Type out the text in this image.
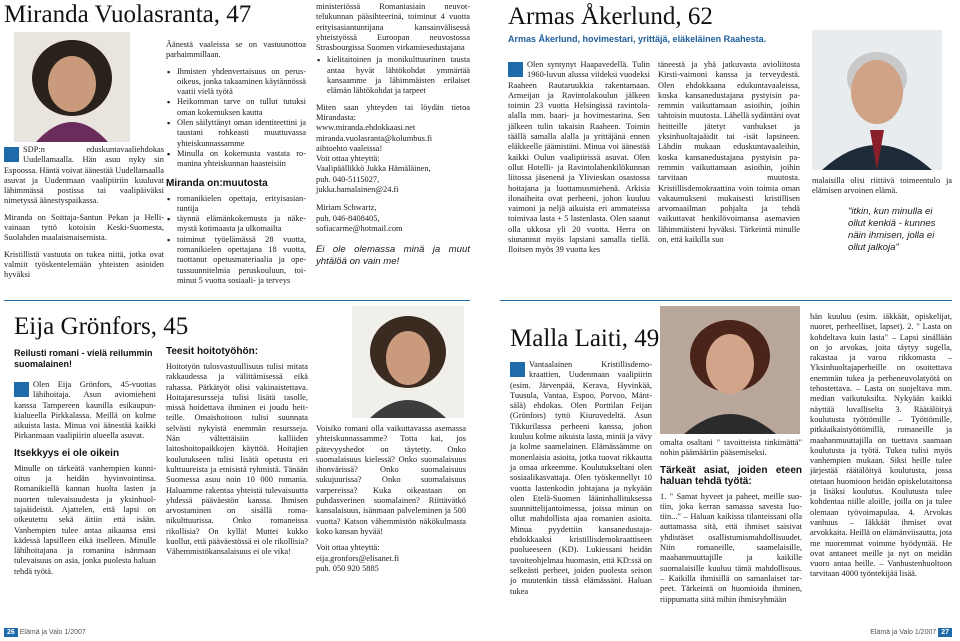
Miranda Vuolasranta, 47

SDP:n eduskuntavaaliehdokas Uudellamaalla. Hän asuu nyky sin Espoossa. Häntä voivat äänestää Uudellamaalla asuvat ja Uudenmaan vaalipiiriin kuuluvat lähimmässä postissa tai vaalipäiväksi nimetyssä äänestyspaikassa.

Miranda on Soittaja-Santun Pekan ja Helli-vainaan tyttö kotoisin Keski-Suomesta, Suolahden maalaismaisemista.

Kristillistä vastuuta on tukea niitä, jotka ovat valmiit työskentelemään yhteisten asioiden hyväksi

Äänestä vaaleissa se on vastuunottoa parhaimmillaan.

▪ Ihmisten yhdenvertaisuus on perusoikeus, jonka takaaminen käytännössä vaatii vielä työtä
▪ Heikomman tarve on tullut tutuksi oman kokemuksen kautta
▪ Olen säilyttänyt oman identiteettini ja taustani rohkeasti muuttuvassa yhteiskunnassamme
▪ Minulla on kokemusta vastata romanina yhteiskunnan haasteisiin
Miranda on:muutosta
▪ romanikielen opettaja, erityisasiantuntija
▪ täynnä elämänkokemusta ja näkemystä kotimaasta ja ulkomailta
▪ toiminut työelämässä 28 vuotta, romanikielen opettajana 18 vuotta, tuottanut opetusmateriaalia ja opetussuunnitelmia peruskouluun, toiminut 5 vuotta sosiaali- ja terveys

ministeriössä Romaniasiain neuvottelukunnan pääsihteerinä, toiminut 4 vuotta erityisasiantuntijana kansainvälisessä yhteistyössä Euroopan neuvostossa Strasbourgissa Suomen virkamiesedustajana

▪ kielitaitoinen ja monikulttuurinen tausta antaa hyvät lähtökohdat ymmärtää kansaamme ja lähimmäisten erilaiset elämän lähtökohdat ja tarpeet
Miten saan yhteyden tai löydän tietoa Mirandasta:
www.miranda.ehdokkaasi.net
miranda.vuolasranta@kolumbus.fi
aihtoehto vaaleissa!
Voit ottaa yhteyttä:
Vaalipäällikkö Jukka Hämäläinen,
puh. 040-5115027,
jukka.hamalainen@24.fi
Miriam Schwartz,
puh. 046-8408405,
sofiacarme@hotmail.com
Ei ole olemassa minä ja muut yhtälöä on vain me!
Armas Åkerlund, 62
Armas Åkerlund, hovimestari, yrittäjä, eläkeläinen Raahesta.

Olen syntynyt Haapavedellä. Tulin 1960-luvun alussa viideksi vuodeksi Raaheen Rautaruukkia rakentamaan. Armeijan ja Ravintolakoulun jälkeen toimin 23 vuotta Helsingissä ravintola-alalla mm. baari- ja hovimestarina. Sen jälkeen tulin takaisin Raaheen. Toimin täällä samalla alalla ja yrittäjänä ennen eläkkeelle jäämistäni. Minua voi äänestää kaikki Oulun vaalipiirissä asuvat. Olen ollut Hotelli- ja Ravintolahenkilökunnan liitossa jäsenenä ja Ylivieskan osastossa hoitajana ja luottamusmiehenä. Arkisia ilonaiheita ovat perheeni, johon kuuluu vaimoni ja neljä aikuista eri ammateissa toimivaa lasta + 5 lastenlasta. Olen saanut olla ukkosa yli 20 vuotta. Herra on siunannut myös lapsiani samalla tiellä. Iloitsen myös 39 vuotta kes

täneestä ja yhä jatkuvasta avioliitosta Kirsti-vaimoni kanssa ja terveydestä. Olen ehdokkaana edukuntavaaleissa, koska kansanedustajana pystyisin paremmin vaikuttamaan asioihin, joihin tahtoisin muutosta. Lähellä sydäntäni ovat heitteille jätetyt vanhukset ja yksinhuoltajaäidit tai -isät lapsineen. Lähdin mukaan eduskuntavaaleihin, koska kansanedustajana pystyisin paremmin vaikuttamaan asioihin, joihin tarvitaan muutosta. Kristillisdemokraattina voin toimia oman vakaumukseni mukaisesti kristillisen arvomaailman pohjalta ja tehdä vaikuttavat henkilövoimansa asemavien lähimmäisteni hyväksi. Tärkeintä minulle on, että kaikilla suo

malaisilla olisi riittävä toimeentulo ja elämisen arvoinen elämä.

"itkin, kun minulla ei ollut kenkiä - kunnes näin ihmisen, jolla ei ollut jalkoja"
Eija Grönfors, 45
Reilusti romani - vielä reilummin suomalainen!

Olen Eija Grönfors, 45-vuotias lähihoitaja. Asun aviomieheni kanssa Tampereen kaunilla esikaupunkialueella Pirkkalassa. Meillä on kolme aikuista lasta. Minua voi äänestää kaikki Pirkanmaan vaalipiirin alueella asuvat.

Itsekkyys ei ole oikein

Minulle on tärkeätä vanhempien kunnioitus ja heidän hyvinvointinsa. Romanikiellä kannan huolta lasten ja nuorten tulevaisuudesta ja yksinhuoltajaäideistä. Ajattelen, että lapsi on oikeutettu sekä äitiin että isään. Vanhempien tulee antaa aikaansa ensi kädessä lapsilleen eikä itselleen. Minulle lähihoitajana ja romanina isänmaan tulevaisuus on asia, jonka puolesta haluan tehdä työtä.

Teesit hoitotyöhön:

Hoitotyön tulosvastuullisuus tulisi mitata rakkaudessa ja välittämisessä eikä rahassa. Pätkätyöt olisi vakinaistettava. Hoitajaresursseja tulisi lisätä tasolle, missä hoidettava ihminen ei joudu heitteille. Omaishoitoon tulisi suunnata selvästi nykyistä enemmän resursseja. Nän vältettäisiin kalliiden laitoshoitopaikkojen käyttöä. Hoitajien koulutukseen tulisi lisätä opetusta eri kulttuureista ja etnisistä ryhmistä. Tänään Suomessa asuu noin 10 000 romania. Haluamme rakentaa yhteistä tulevaisuutta yhdessä pääväestön kanssa. Ihmisen arvostaminen on sisällä romanikulttuurissa. Onko romaneissa rikollisia? On kyllä! Muttei kukko kuollut, että pääväestössä ei ole rikollisia? Vähemmistökansalaisuus ei ole vika!

Voisiko romani olla vaikuttavassa asemassa yhteiskunnassamme? Totta kai, jos pätevyyshedot on täytetty. Onko suomalaisuus kielessä? Onko suomalaisuus ihonvärissä? Onko suomalaisuus sukujuurissa? Onko suomalaisuus varpereissa? Kuka oikeastaan on puhdasverinen suomalainen? Riittävätkö kansalaisuus, isänmaan palveleminen ja 500 vuotta? Katson vähemmistön näkökulmasta koko kansan hyvää!

Voit ottaa yhteyttä:
eija.gronfors@elisanet.fi
puh. 050 920 5885
Malla Laiti, 49

Vantaalainen Kristillisdemokraattien, Uudenmaan vaalipiirin (esim. Järvenpää, Kerava, Hyvinkää, Tuusula, Vantaa, Espoo, Porvoo, Mäntsälä) ehdokas. Olen Porttilan Feijan (Grönfors) tyttö Kiuruvedeltä. Asun Tikkurilassa perheeni kanssa, johon kuuluu kolme aikuista lasta, miniä ja vävy ja kolme saamelainen. Elämässämme on monenlaisia asioita, jotka tuovat rikkautta ja omaa arkeemme. Koulutukseltani olen sosiaalikasvattaja. Olen työskennellyt 10 vuotta lastenkodin johtajana ja nykyään olen Etelä-Suomen lääninhallituksessa suunnittelijantoimessa, joissa minun on ollut mahdollista ajaa romanien asioita. Minua pyydettiin kansanedustajaehdokkaaksi kristillisdemokraattiseen puolueeseen (KD). Lukiessani heidän tavoiteohjelmaa huomasin, että KD:ssä on selkeästi perheet, joiden puolesta seison jo muutenkin tässä elämässäni. Haluan tukea

omalta osaltani " tavoitteista tinkimättä" nohin päämääriin pääsemiseksi.

Tärkeät asiat, joiden eteen haluan tehdä työtä:

1. " Samat hyveet ja paheet, meille suotiin, joka kerran samassa savesta luotiin..." – Haluan kaikissa tilanteissani olla auttamassa sitä, että ihmiset saisivat yhdistäset osallistumismahdollisuudet. Niin romaneille, saamelaisille, maahanmuuttajille ja kaikille suomalaisille kuuluu tämä mahdollisuus. – Kaikilla ihmisillä on samanlaiset tarpeet. Tärkeintä on huomioida ihminen, riippumatta siitä mihin ihmisryhmään

hän kuuluu (esim. iäkkäät, opiskelijat, nuoret, perheelliset, lapset). 2. " Lasta on kohdeltava kuin lasta" – Lapsi sinällään on jo arvokas, joita täytyy sugella, rakastaa ja varoa rikkomasta – Yksinhuoltajaperheille on osoitettava enemmän tukea ja perheneuvolatyötä on tehostettava. – Lasta on suojeltava mm. median vaikutuksilta. Nykyään kaikki näyttää luvalliselta 3. Räätälöityä koulutusta työttömille – Työttömille, pitkäaikaistyöttömillä, romaneille ja maahanmuuttajilla on tuettava saamaan koulutusta ja työtä. Tukea tulisi myös vanhempien mukaan. Siksi heille tulee järjestää räätälöityä koulutusta, jossa otetaan huomioon heidän opiskelutaitonsa ja lisäksi koulutus. Koulutusta tulee kohdentaa niille aloille, joilla on ja tulee olemaan työvoimapulaa. 4. Arvokas vanhuus – Iäkkäät ihmiset ovat arvokkaita. Heillä on elämänviisautta, jota me nuoremmat voimme hyödyntää. He ovat antaneet meille ja nyt on meidän vuoro antaa heille. – Vanhustenhuoltoon tarvitaan 4000 työntekijää lisää.

26 Elämä ja Valo 1/2007	Elämä ja Valo 1/2007 27
